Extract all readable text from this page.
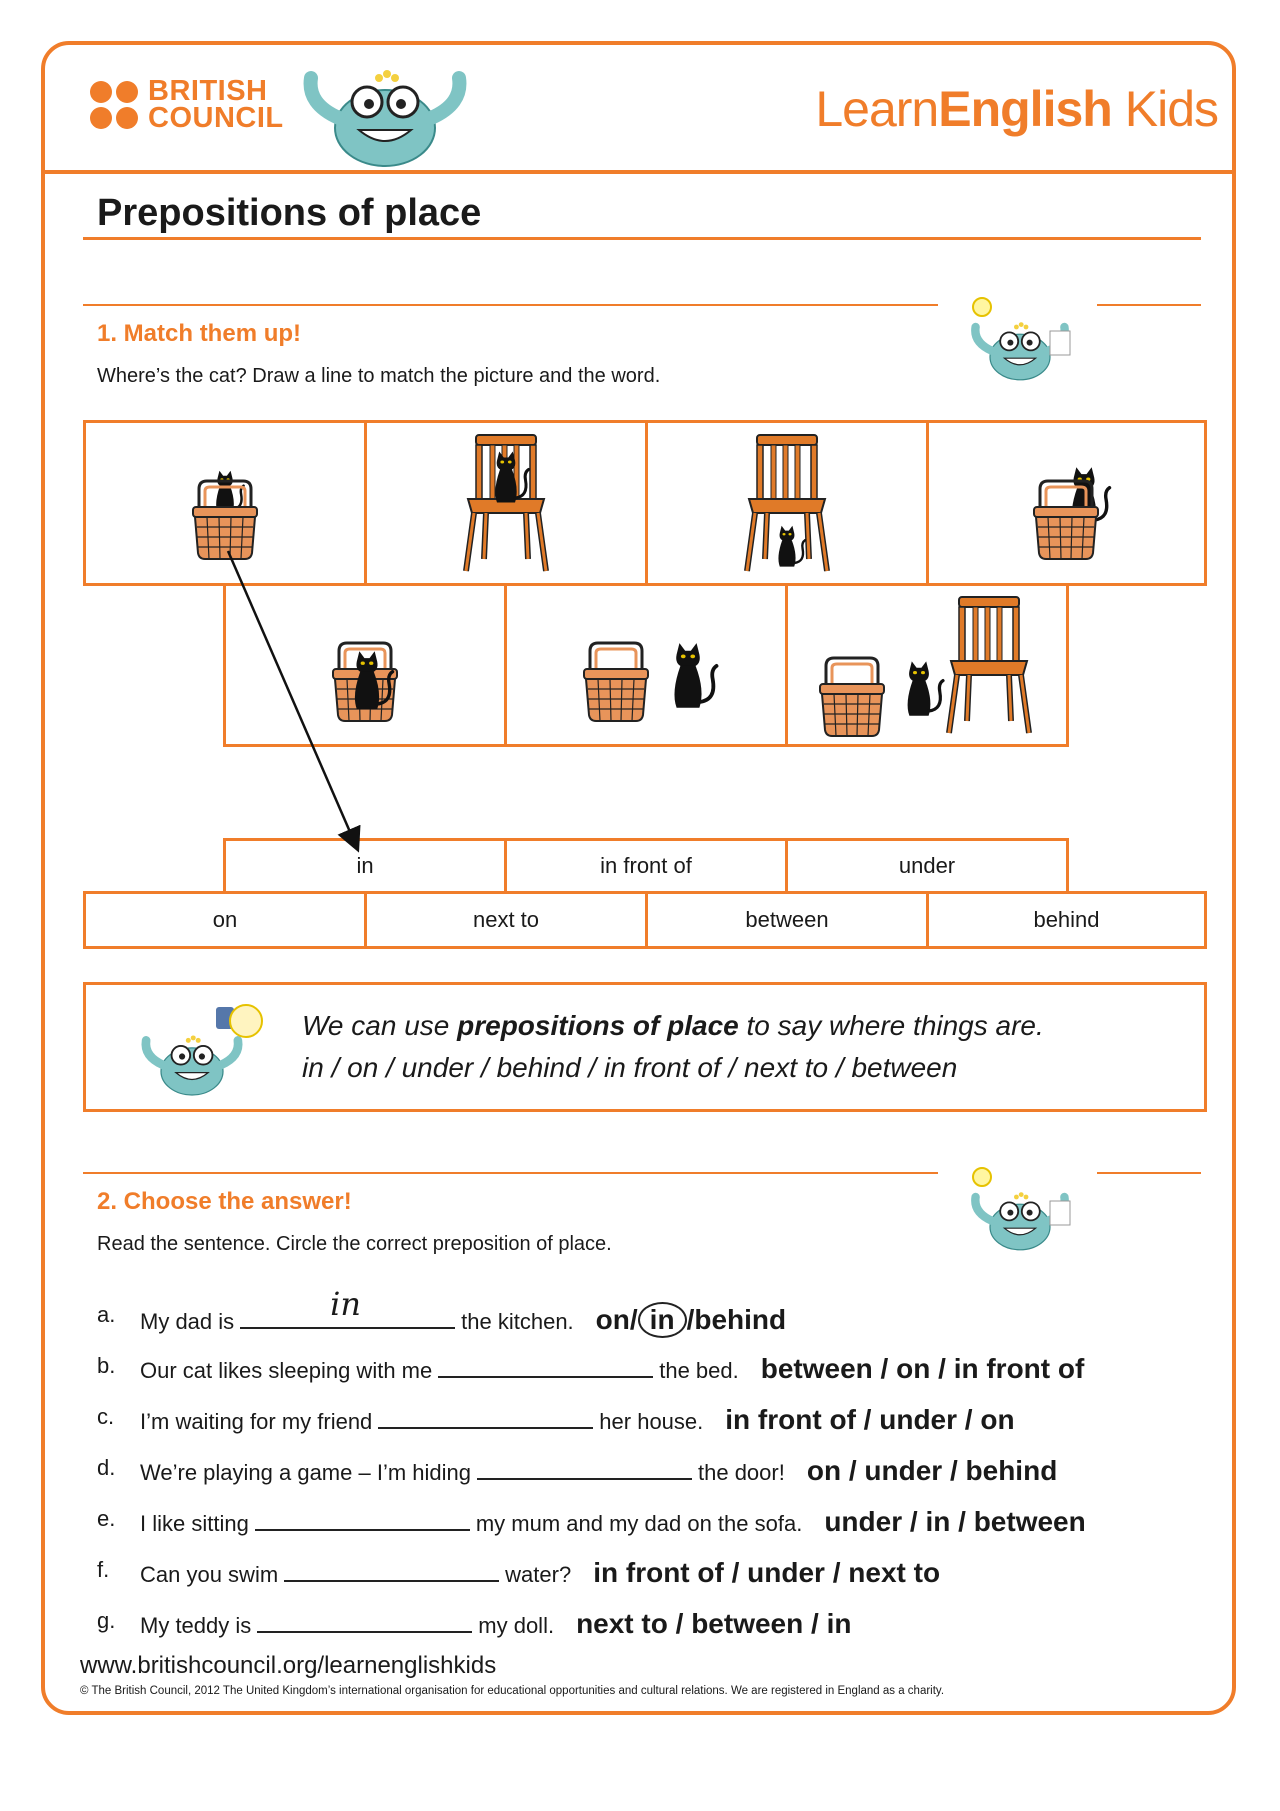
BRITISH
COUNCIL	LearnEnglish Kids
Prepositions of place
1. Match them up!
Where’s the cat? Draw a line to match the picture and the word.
in	in front of	under
on	next to	between	behind
We can use prepositions of place to say where things are.
in / on / under / behind / in front of / next to / between
2. Choose the answer!
Read the sentence. Circle the correct preposition of place.
a. My dad is	in	the kitchen. on/ in /behind
b. Our cat likes sleeping with me	the bed. between / on / in front of
c. I’m waiting for my friend	her house. in front of / under / on
d. We’re playing a game – I’m hiding	the door! on / under / behind
e. I like sitting	my mum and my dad on the sofa. under / in / between
f. Can you swim	water? in front of / under / next to
g. My teddy is	my doll. next to / between / in
www.britishcouncil.org/learnenglishkids
© The British Council, 2012 The United Kingdom’s international organisation for educational opportunities and cultural relations. We are registered in England as a charity.
